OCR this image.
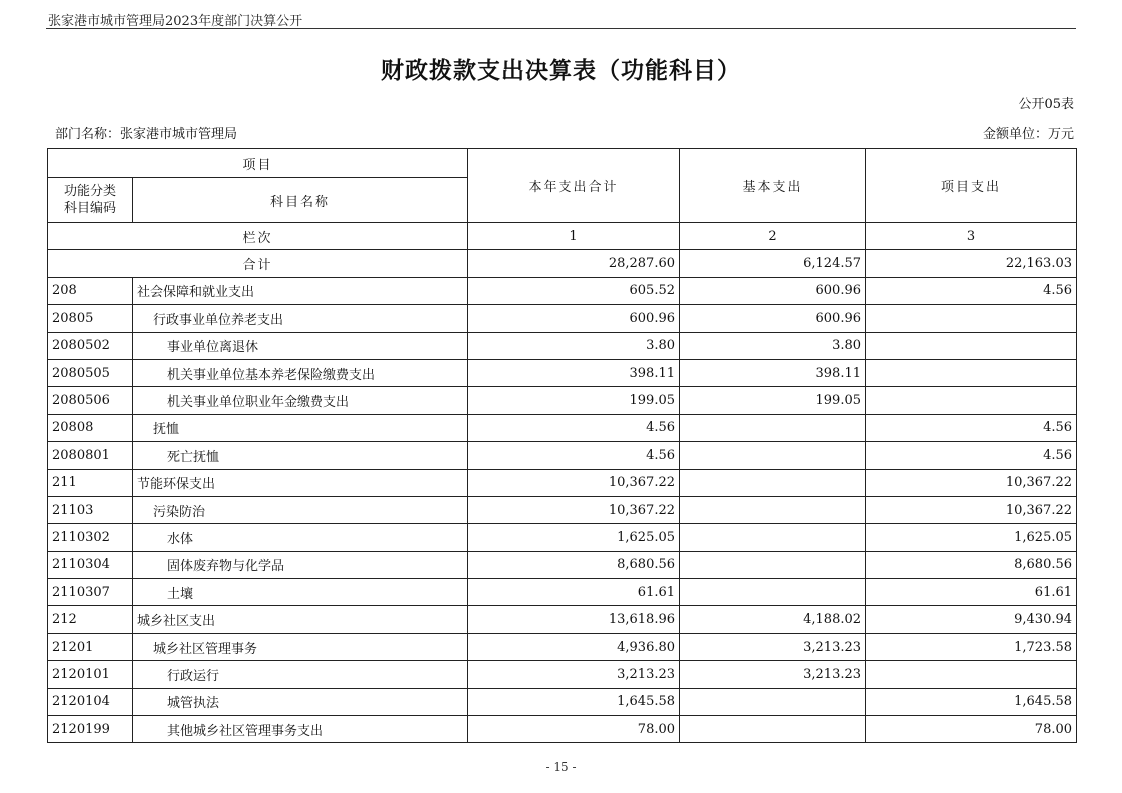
张家港市城市管理局2023年度部门决算公开
财政拨款支出决算表（功能科目）
公开05表
部门名称：张家港市城市管理局	金额单位：万元
项目		本年支出合计	基本支出	项目支出
功能分类
科目编码	科目名称			
栏次		1	2	3
合计		28,287.60	6,124.57	22,163.03
208	社会保障和就业支出	605.52	600.96	4.56
20805	行政事业单位养老支出	600.96	600.96	
2080502	事业单位离退休	3.80	3.80	
2080505	机关事业单位基本养老保险缴费支出	398.11	398.11	
2080506	机关事业单位职业年金缴费支出	199.05	199.05	
20808	抚恤	4.56		4.56
2080801	死亡抚恤	4.56		4.56
211	节能环保支出	10,367.22		10,367.22
21103	污染防治	10,367.22		10,367.22
2110302	水体	1,625.05		1,625.05
2110304	固体废弃物与化学品	8,680.56		8,680.56
2110307	土壤	61.61		61.61
212	城乡社区支出	13,618.96	4,188.02	9,430.94
21201	城乡社区管理事务	4,936.80	3,213.23	1,723.58
2120101	行政运行	3,213.23	3,213.23	
2120104	城管执法	1,645.58		1,645.58
2120199	其他城乡社区管理事务支出	78.00		78.00
- 15 -
